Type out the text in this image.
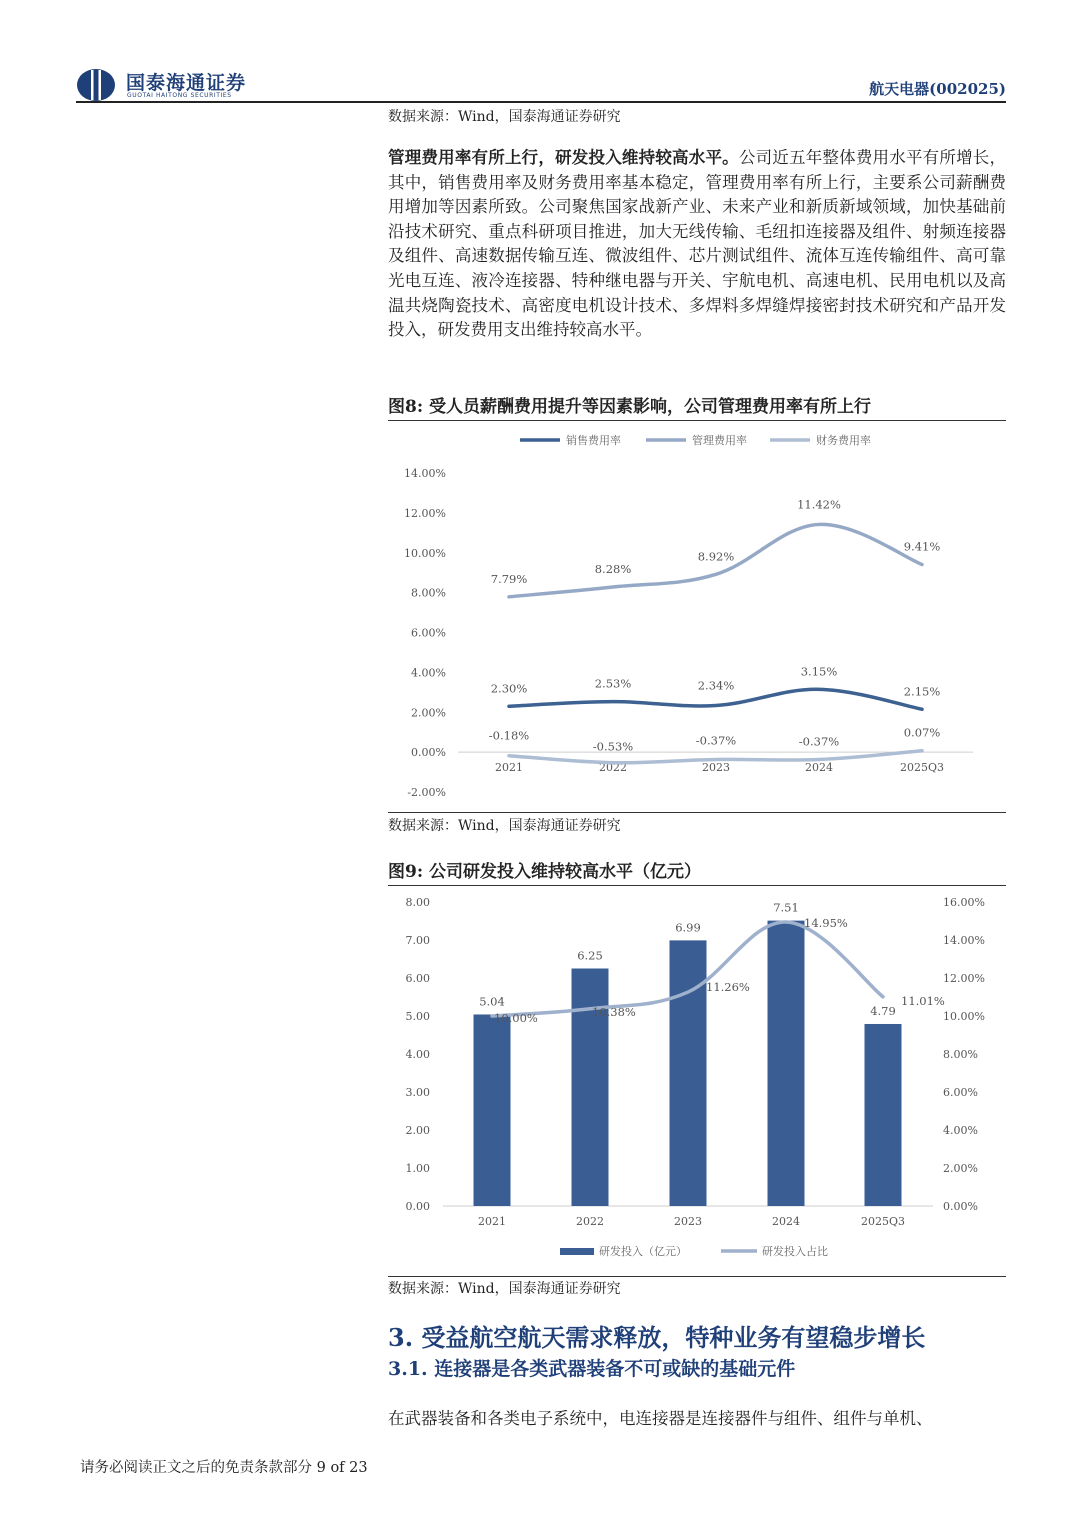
国泰海通证券
GUOTAI HAITONG SECURITIES	航天电器(002025)
数据来源：Wind，国泰海通证券研究
管理费用率有所上行，研发投入维持较高水平。公司近五年整体费用水平有所增长，其中，销售费用率及财务费用率基本稳定，管理费用率有所上行，主要系公司薪酬费用增加等因素所致。公司聚焦国家战新产业、未来产业和新质新域领域，加快基础前沿技术研究、重点科研项目推进，加大无线传输、毛纽扣连接器及组件、射频连接器及组件、高速数据传输互连、微波组件、芯片测试组件、流体互连传输组件、高可靠光电互连、液冷连接器、特种继电器与开关、宇航电机、高速电机、民用电机以及高温共烧陶瓷技术、高密度电机设计技术、多焊料多焊缝焊接密封技术研究和产品开发投入，研发费用支出维持较高水平。
图8: 受人员薪酬费用提升等因素影响，公司管理费用率有所上行
-2.00%
0.00%
2.00%
4.00%
6.00%
8.00%
10.00%
12.00%
14.00%
2021	2022	2023	2024	2025Q3
销售费用率	管理费用率	财务费用率
2.30%	2.53%	2.34%
3.15%
2.15%
7.79%
8.28%
8.92%
11.42%
9.41%
-0.18%
-0.53%	-0.37%	-0.37%
0.07%
数据来源：Wind，国泰海通证券研究
图9: 公司研发投入维持较高水平（亿元）
0.00
1.00
2.00
3.00
4.00
5.00
6.00
7.00
8.00
0.00%
2.00%
4.00%
6.00%
8.00%
10.00%
12.00%
14.00%
16.00%
5.04
2021
6.25
2022
6.99
2023
7.51
2024
4.79
2025Q3
10.00%	10.38%
11.26%
14.95%
11.01%
研发投入（亿元）	研发投入占比
数据来源：Wind，国泰海通证券研究
3. 受益航空航天需求释放，特种业务有望稳步增长
3.1. 连接器是各类武器装备不可或缺的基础元件
在武器装备和各类电子系统中，电连接器是连接器件与组件、组件与单机、
请务必阅读正文之后的免责条款部分 9 of 23
